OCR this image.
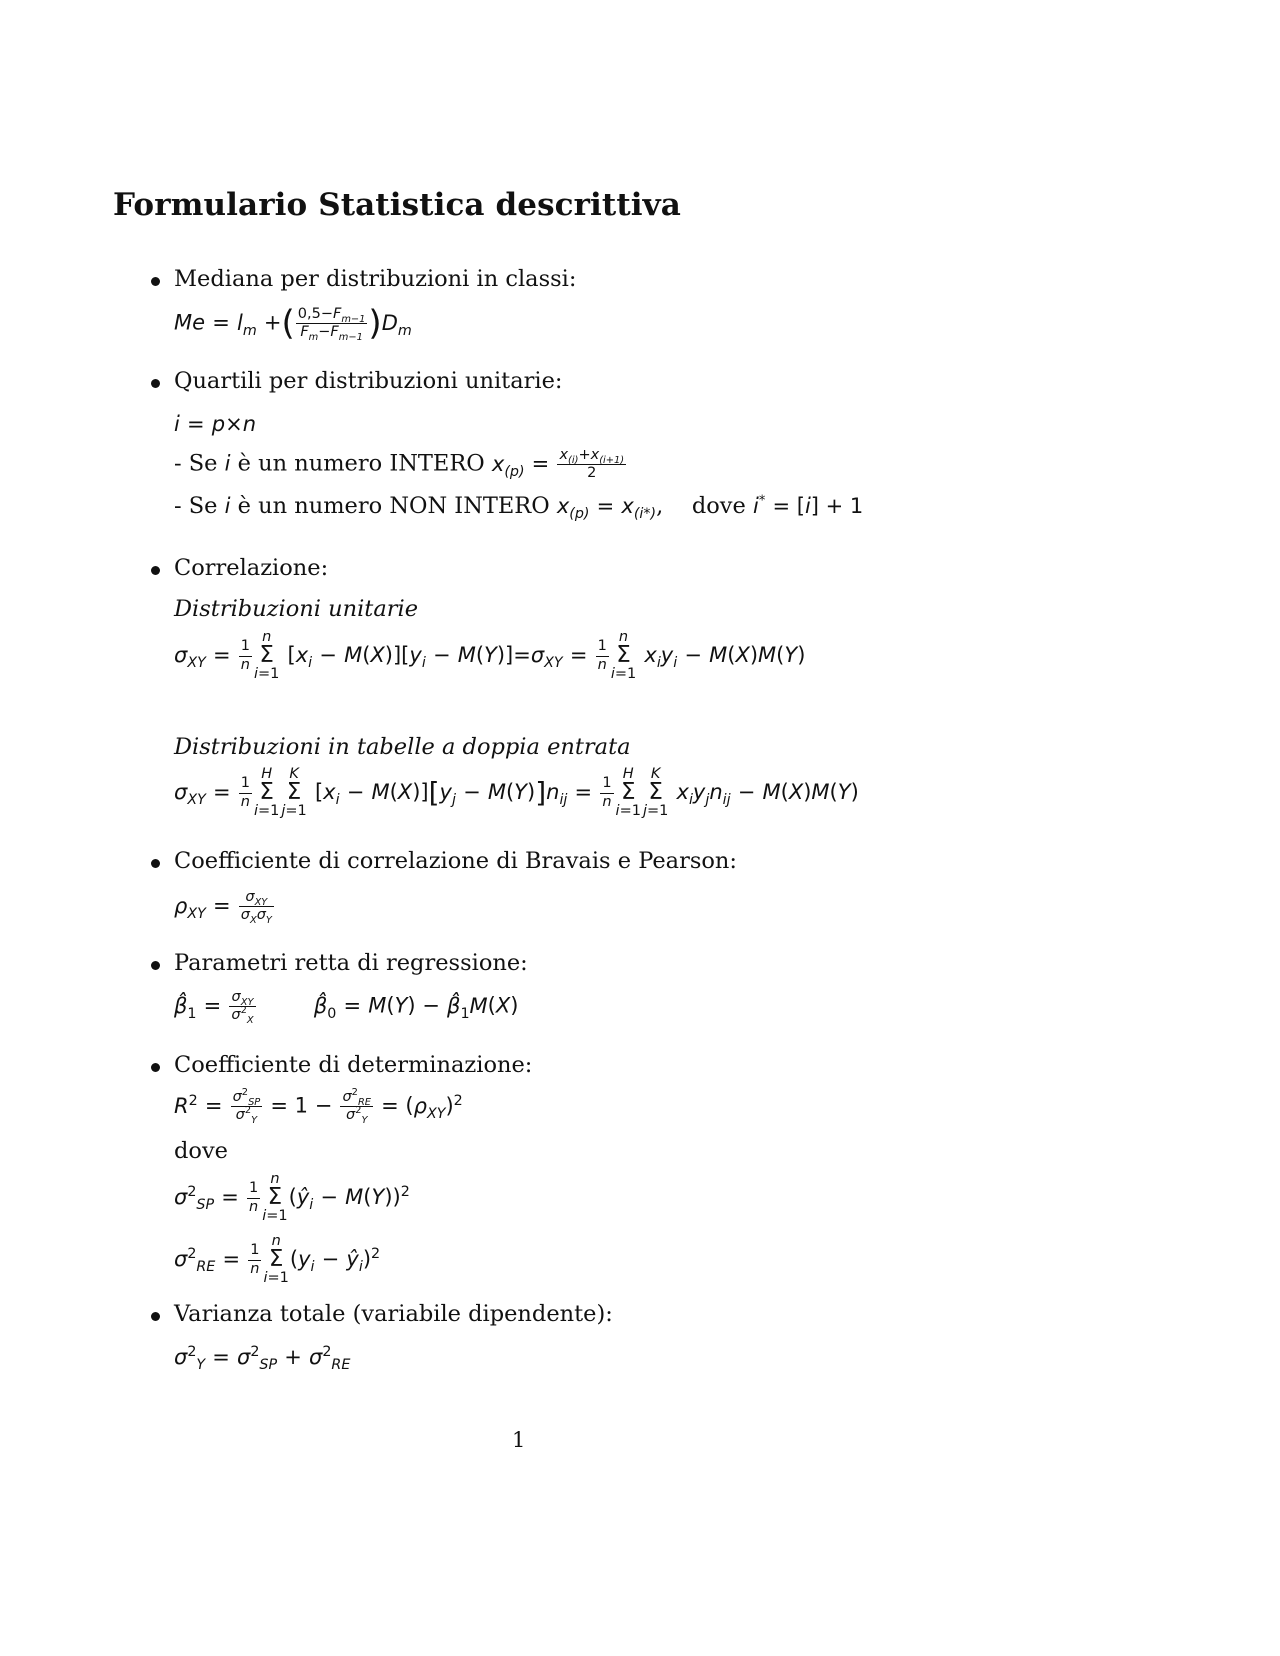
Formulario Statistica descrittiva
Mediana per distribuzioni in classi:
$Me = l_m$ +( $\frac{0,5-F_{m-1}}{F_m-F_{m-1}} )D_m$
Quartili per distribuzioni unitarie:
i = p×n
- Se i è un numero INTERO $x_{(p)} = \frac{x_{(i)}+x_{(i+1)}}{2}$
- Se i è un numero NON INTERO $x_{(p)} = x_{(i*)}$,    dove i* = [i] + 1
Correlazione:
Distribuzioni unitarie
$\sigma_{XY} = \frac{1}{n}$
n
Σ
i=1 $[x_i - M(X)][y_i - M(Y)]=\sigma_{XY} = \frac{1}{n}$
n
Σ
i=1 $x_iy_i - M(X)M(Y)$
Distribuzioni in tabelle a doppia entrata
$\sigma_{XY} = \frac{1}{n}$
H
Σ
i=1K
Σ
j=1 $[x_i - M(X)][y_j - M(Y)]n_{ij} = \frac{1}{n}$
H
Σ
i=1K
Σ
j=1 $x_iy_jn_{ij} - M(X)M(Y)$
Coefficiente di correlazione di Bravais e Pearson:
$\rho_{XY} = \frac{\sigma_{XY}}{\sigma_X\sigma_Y}$
Parametri retta di regressione:
$\betâ_1 = \frac{\sigma_{XY}}{\sigma^2_X}$	$\betâ_0 = M(Y)$ − $\betâ_1M(X)$
Coefficiente di determinazione:
$R^2 = \frac{\sigma^2_{SP}}{\sigma^2_Y} = 1 - \frac{\sigma^2_{RE}}{\sigma^2_Y} = (\rho_{XY})^2$
dove
$\sigma^2_{SP} = \frac{1}{n}$
n
Σ
$i=1(ŷ_i - M(Y))^2$
$\sigma^2_{RE} = \frac{1}{n}$
n
Σ
$i=1(y_i$ − $ŷ_i)^2$
Varianza totale (variabile dipendente):
$\sigma^2_Y = \sigma^2_{SP} + \sigma^2_{RE}$
1
